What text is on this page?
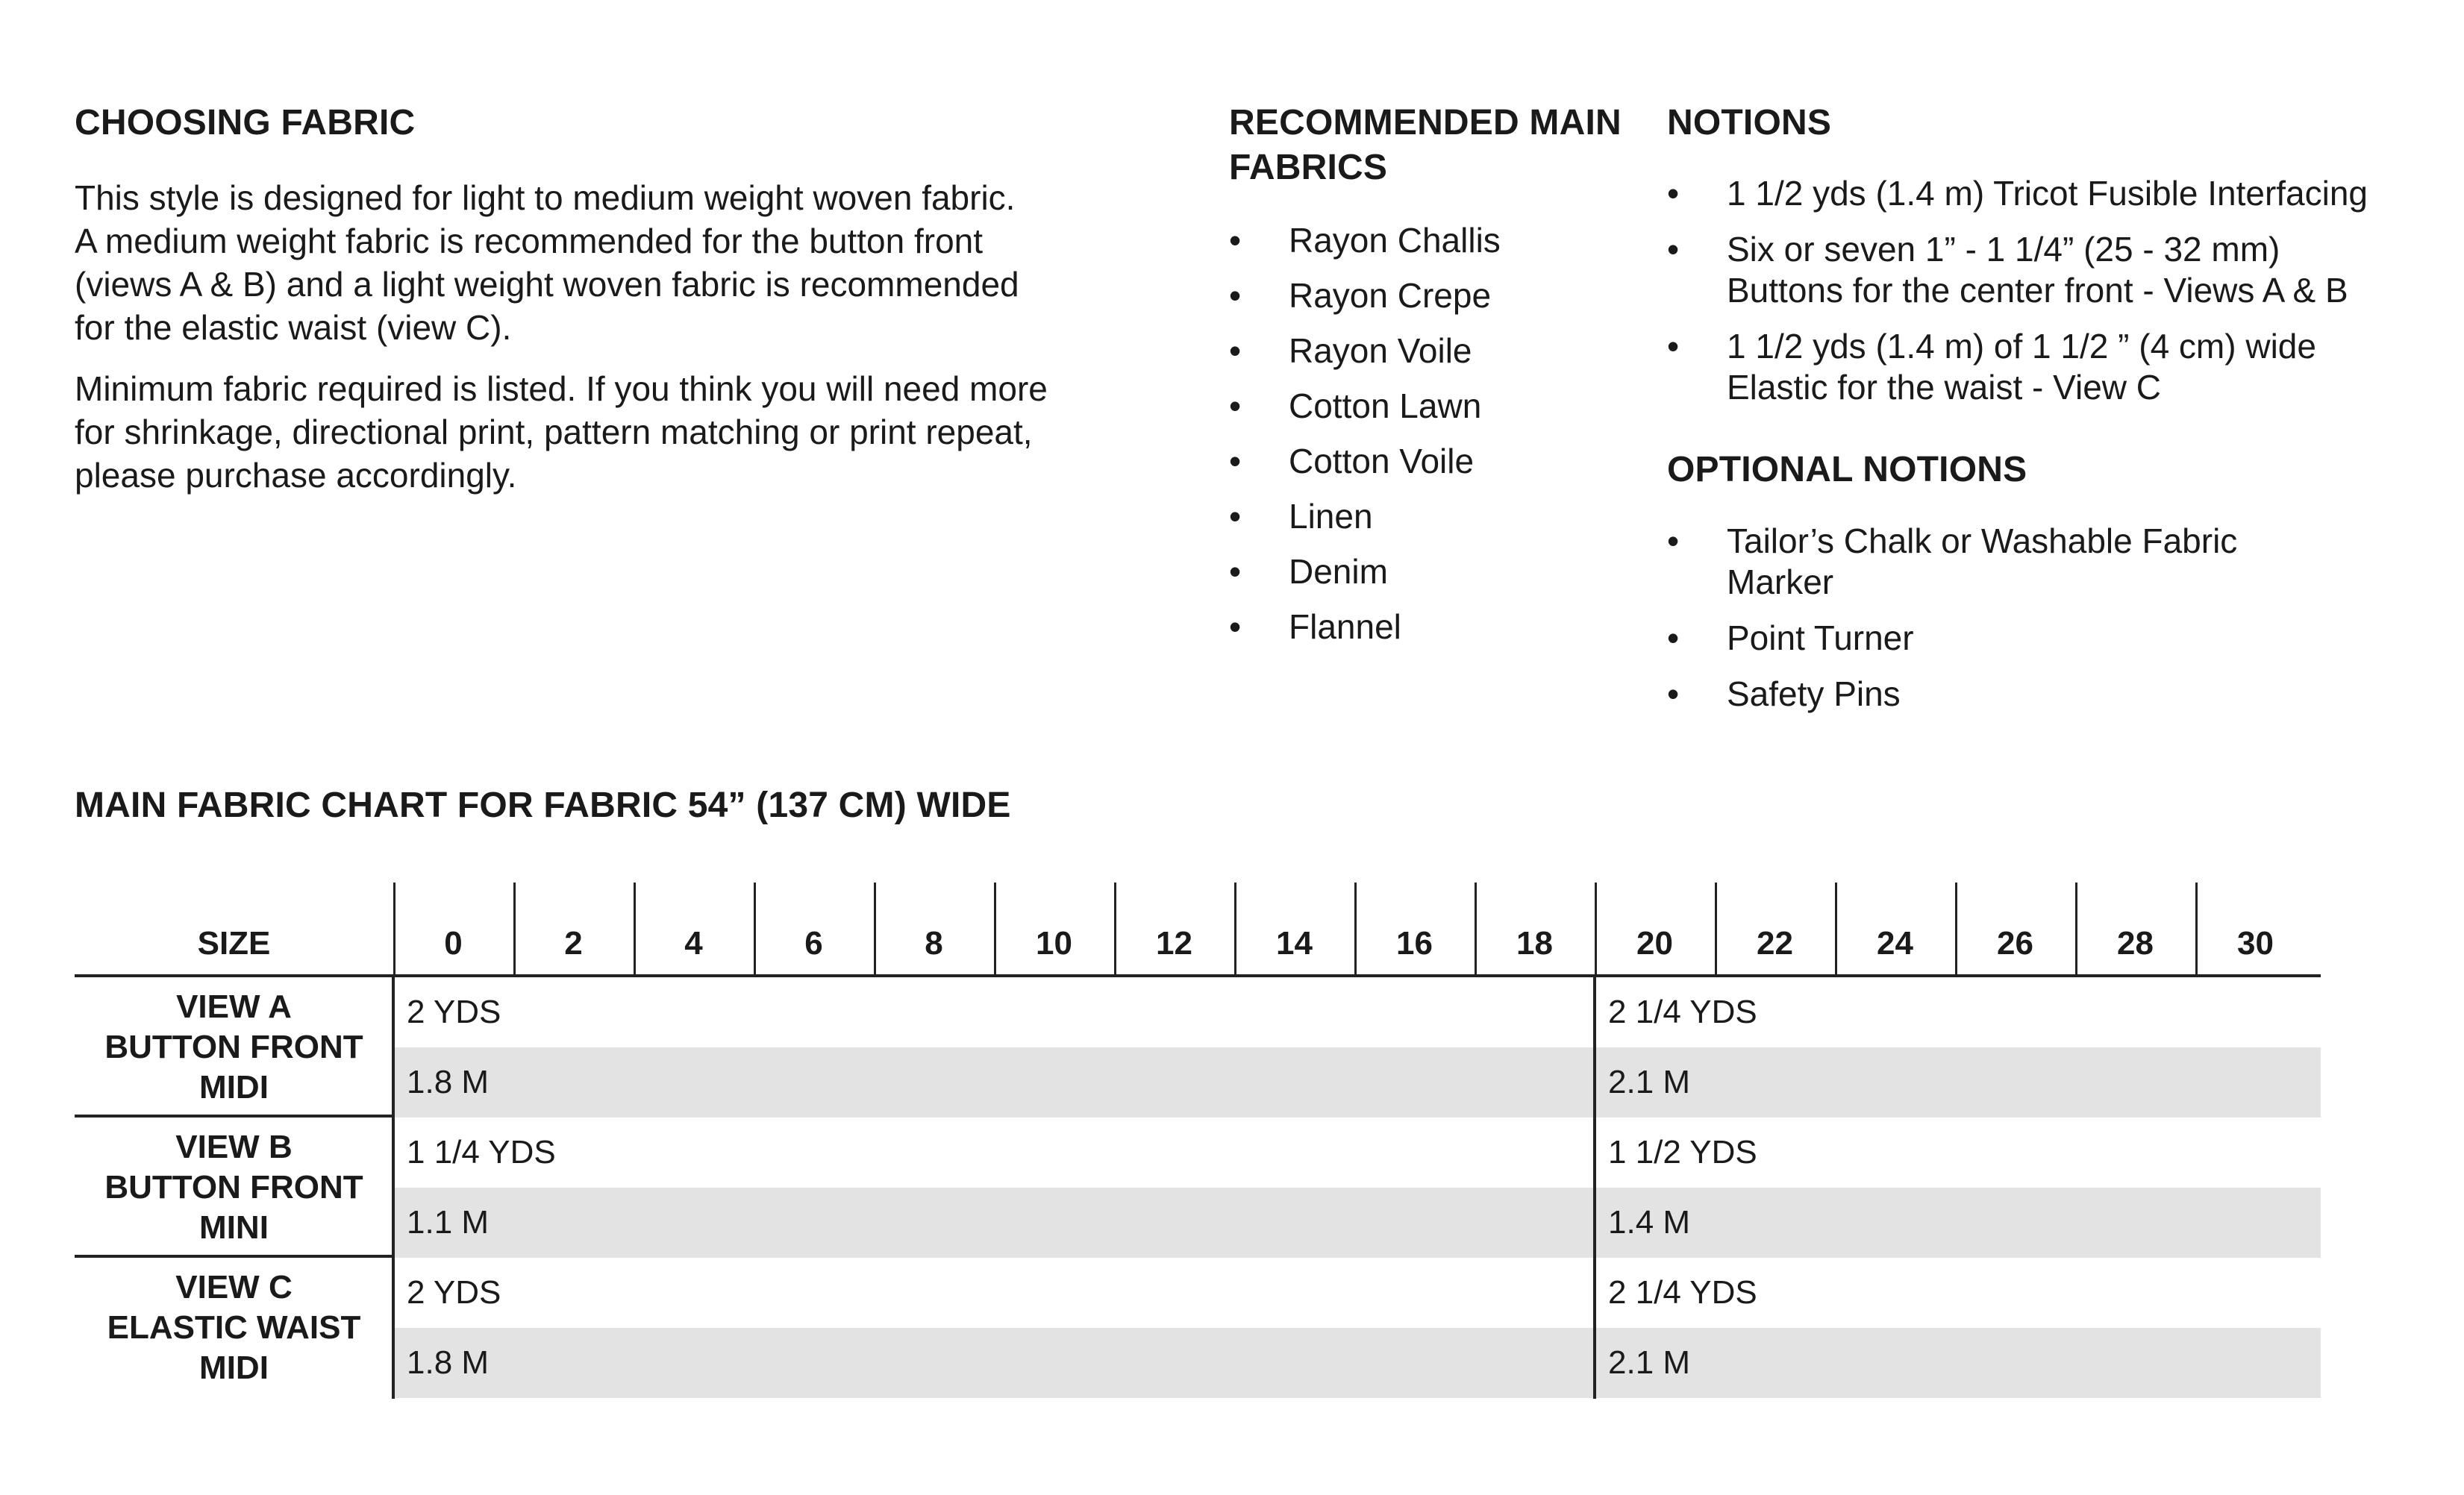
CHOOSING FABRIC
This style is designed for light to medium weight woven fabric.
A medium weight fabric is recommended for the button front
(views A & B) and a light weight woven fabric is recommended
for the elastic waist (view C).
Minimum fabric required is listed. If you think you will need more
for shrinkage, directional print, pattern matching or print repeat,
please purchase accordingly.
RECOMMENDED MAIN
FABRICS
• Rayon Challis
• Rayon Crepe
• Rayon Voile
• Cotton Lawn
• Cotton Voile
• Linen
• Denim
• Flannel
NOTIONS
• 1 1/2 yds (1.4 m) Tricot Fusible Interfacing
• Six or seven 1” - 1 1/4” (25 - 32 mm)
Buttons for the center front - Views A & B
• 1 1/2 yds (1.4 m) of 1 1/2 ” (4 cm) wide
Elastic for the waist - View C
OPTIONAL NOTIONS
• Tailor’s Chalk or Washable Fabric
Marker
• Point Turner
• Safety Pins
MAIN FABRIC CHART FOR FABRIC 54” (137 CM) WIDE
SIZE	0	2	4	6	8	10	12	14	16	18	20	22	24	26	28	30
VIEW A
BUTTON FRONT
MIDI
2 YDS	2 1/4 YDS
1.8 M	2.1 M
VIEW B
BUTTON FRONT
MINI
1 1/4 YDS	1 1/2 YDS
1.1 M	1.4 M
VIEW C
ELASTIC WAIST
MIDI
2 YDS	2 1/4 YDS
1.8 M	2.1 M
